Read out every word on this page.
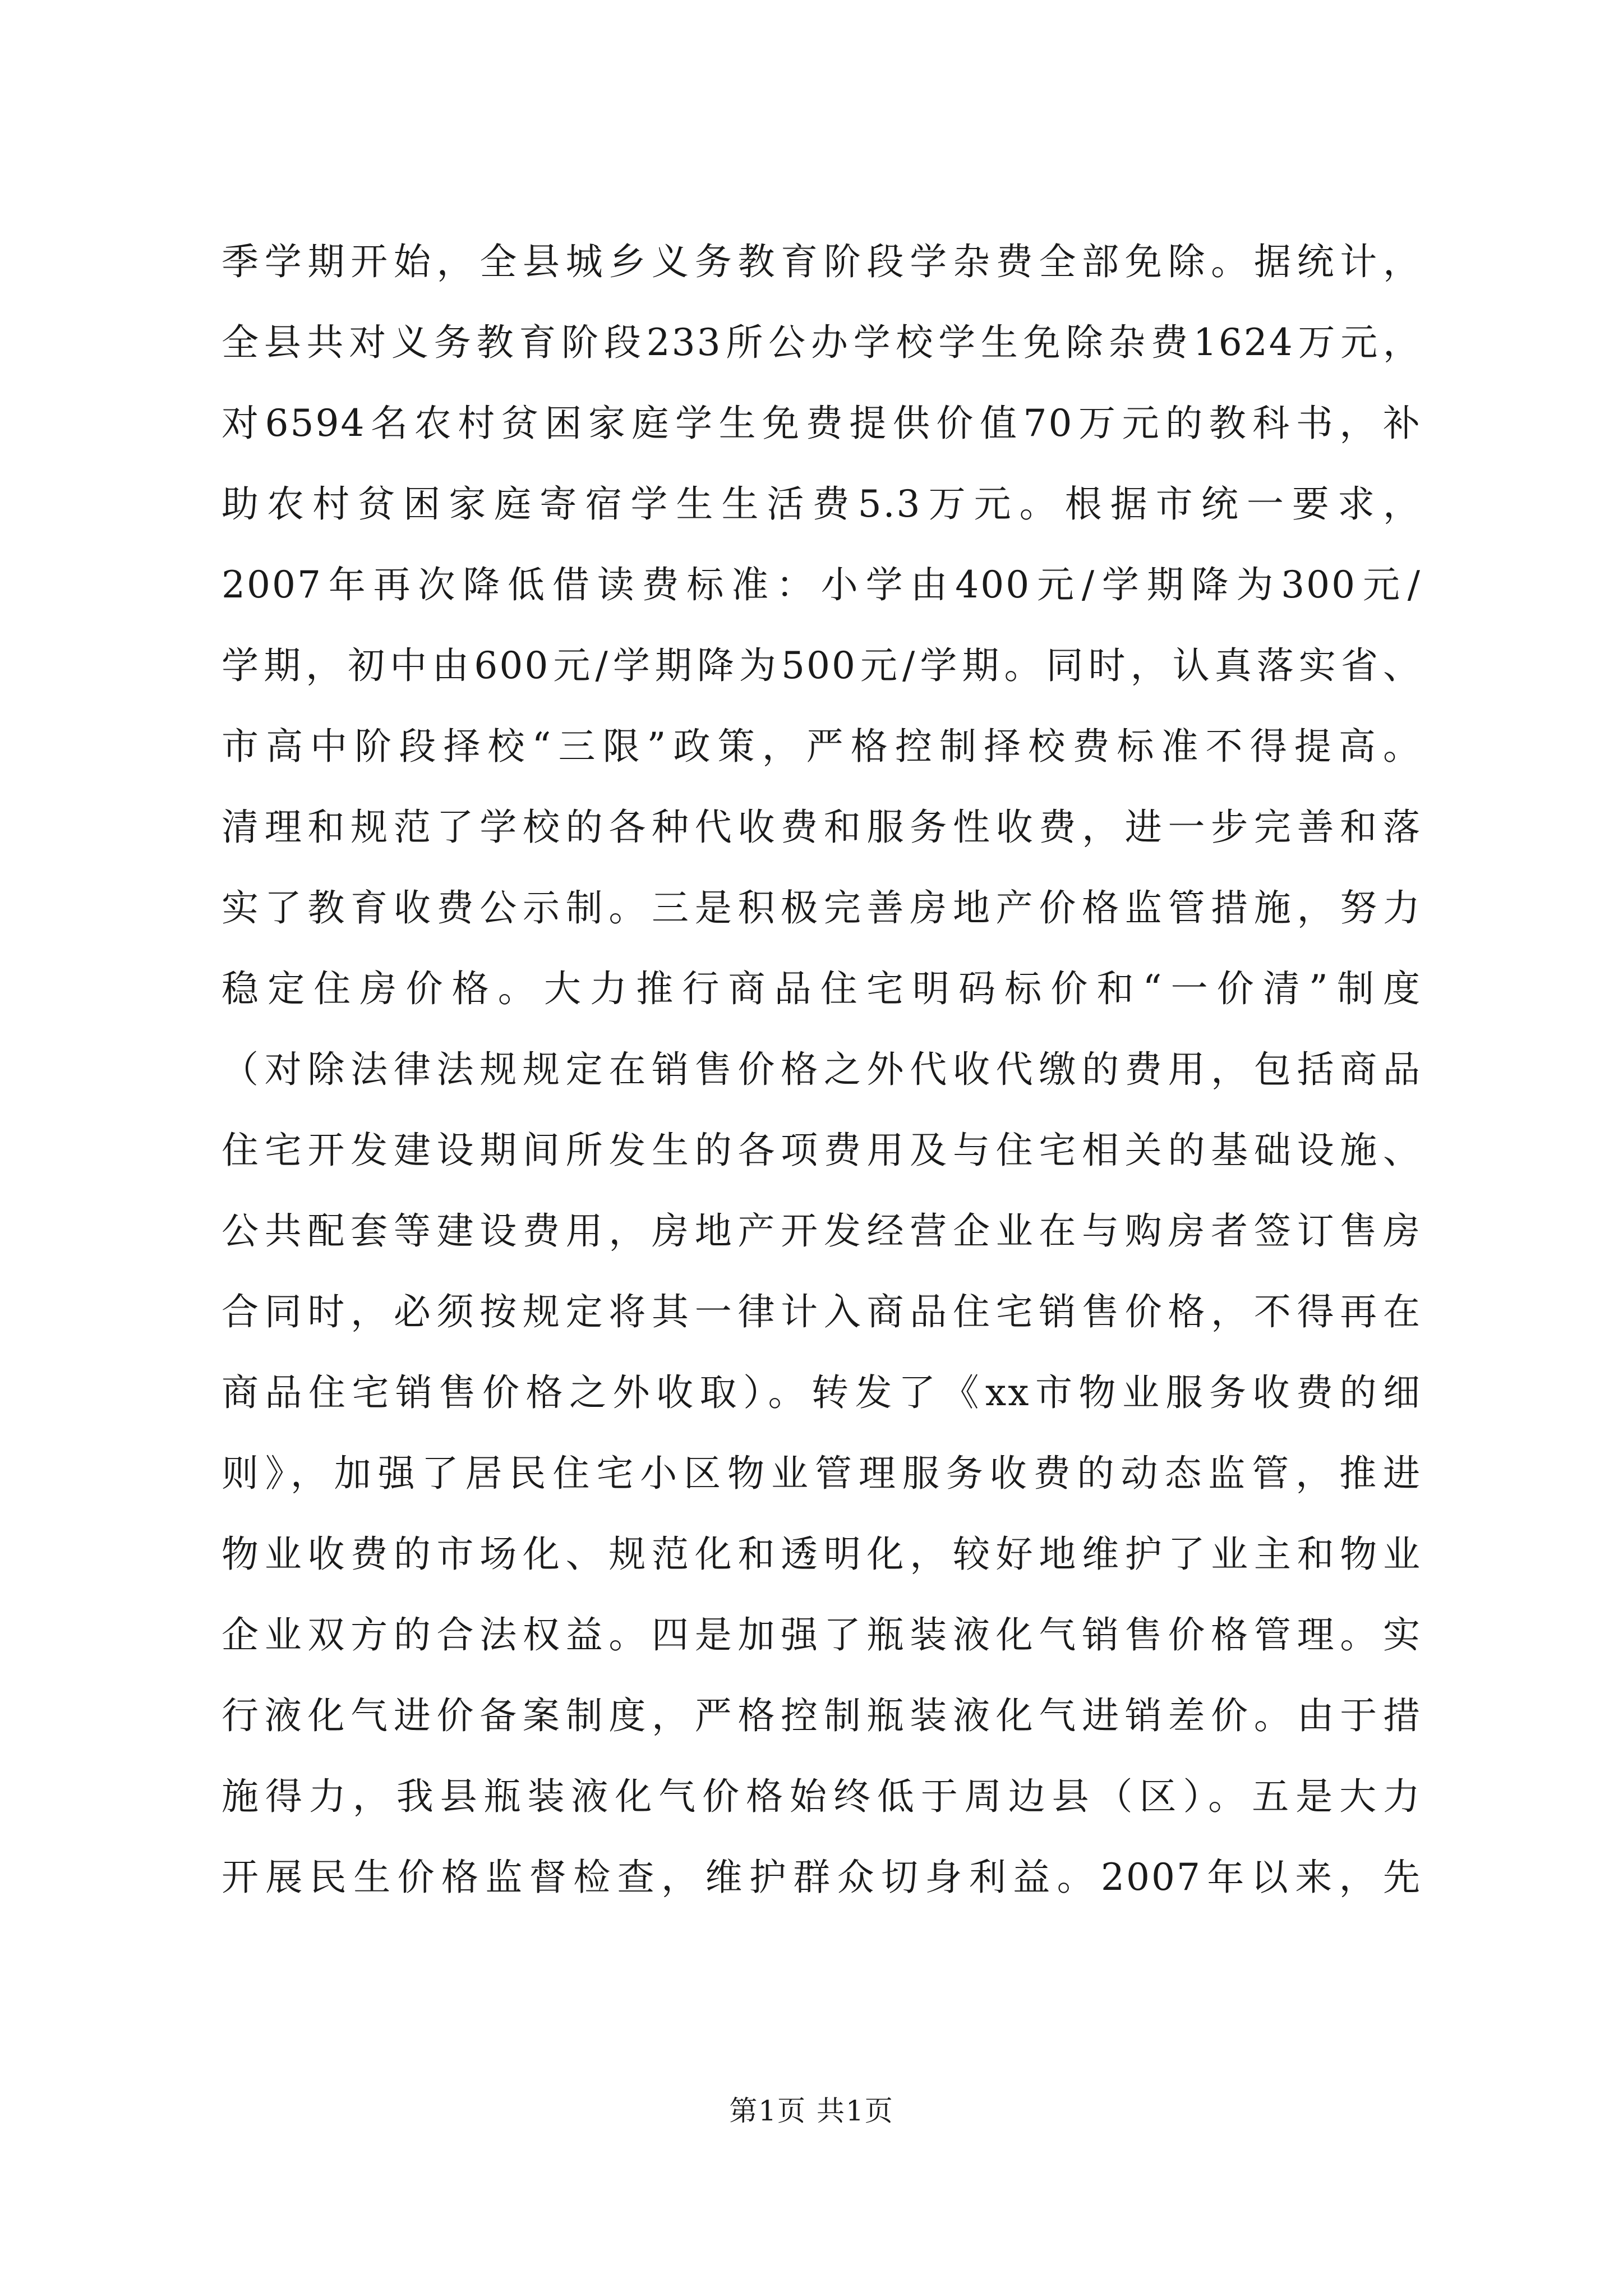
季学期开始，全县城乡义务教育阶段学杂费全部免除。据统计，
全县共对义务教育阶段233所公办学校学生免除杂费1624万元，
对6594名农村贫困家庭学生免费提供价值70万元的教科书，补
助农村贫困家庭寄宿学生生活费5.3万元。根据市统一要求，
2007年再次降低借读费标准：小学由400元/学期降为300元/
学期，初中由600元/学期降为500元/学期。同时，认真落实省、
市高中阶段择校“三限”政策，严格控制择校费标准不得提高。
清理和规范了学校的各种代收费和服务性收费，进一步完善和落
实了教育收费公示制。三是积极完善房地产价格监管措施，努力
稳定住房价格。大力推行商品住宅明码标价和“一价清”制度
（对除法律法规规定在销售价格之外代收代缴的费用，包括商品
住宅开发建设期间所发生的各项费用及与住宅相关的基础设施、
公共配套等建设费用，房地产开发经营企业在与购房者签订售房
合同时，必须按规定将其一律计入商品住宅销售价格，不得再在
商品住宅销售价格之外收取）。转发了《xx市物业服务收费的细
则》，加强了居民住宅小区物业管理服务收费的动态监管，推进
物业收费的市场化、规范化和透明化，较好地维护了业主和物业
企业双方的合法权益。四是加强了瓶装液化气销售价格管理。实
行液化气进价备案制度，严格控制瓶装液化气进销差价。由于措
施得力，我县瓶装液化气价格始终低于周边县（区）。五是大力
开展民生价格监督检查，维护群众切身利益。2007年以来，先
第1页 共1页
